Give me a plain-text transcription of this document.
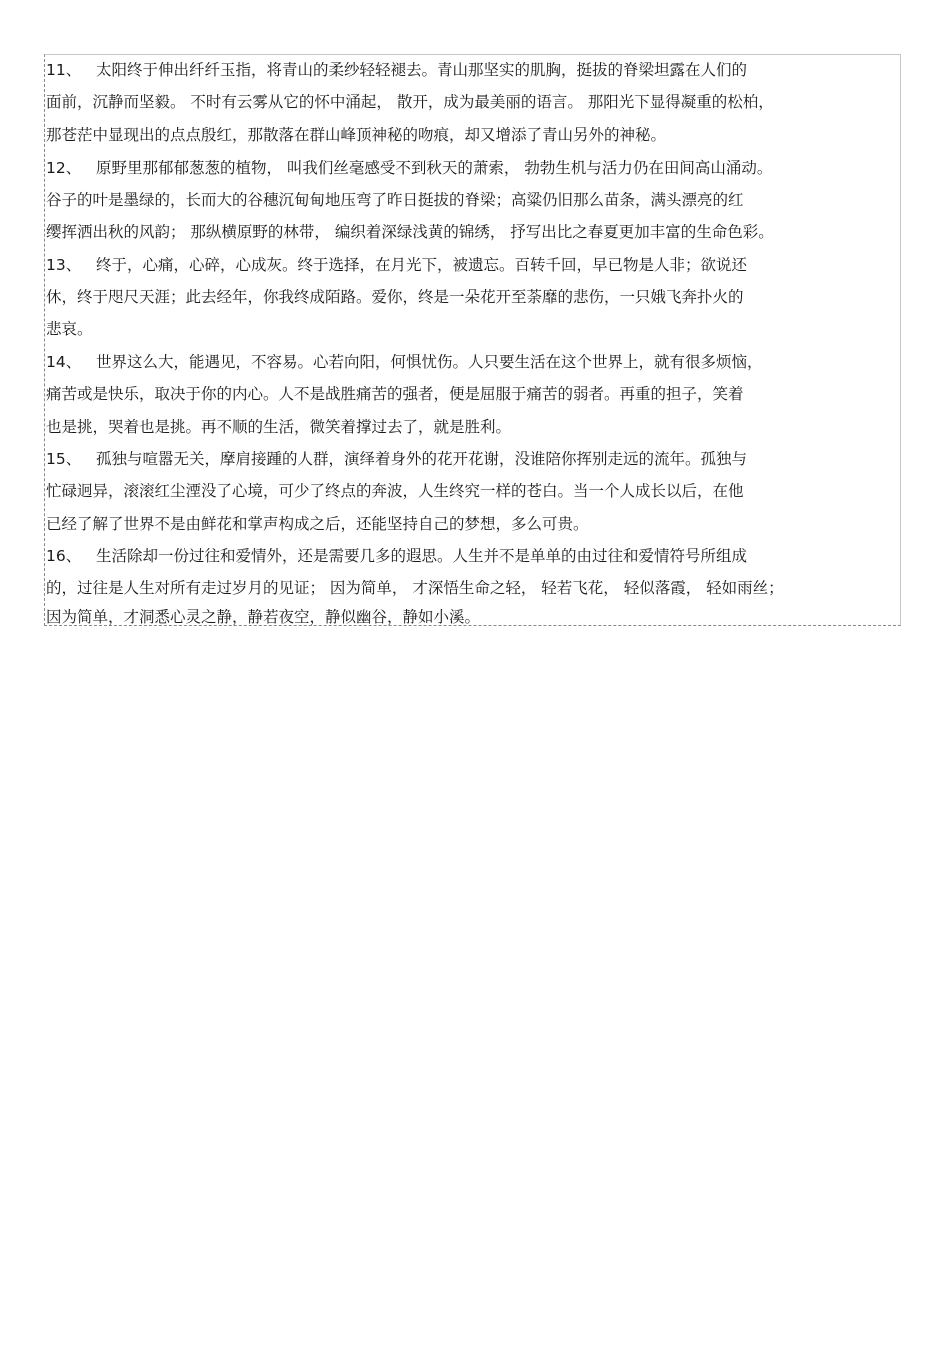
11、 太阳终于伸出纤纤玉指，将青山的柔纱轻轻褪去。青山那坚实的肌胸，挺拔的脊梁坦露在人们的
面前，沉静而坚毅。 不时有云雾从它的怀中涌起， 散开，成为最美丽的语言。 那阳光下显得凝重的松柏，
那苍茫中显现出的点点殷红，那散落在群山峰顶神秘的吻痕，却又增添了青山另外的神秘。
12、 原野里那郁郁葱葱的植物， 叫我们丝毫感受不到秋天的萧索， 勃勃生机与活力仍在田间高山涌动。
谷子的叶是墨绿的，长而大的谷穗沉甸甸地压弯了昨日挺拔的脊梁；高粱仍旧那么苗条，满头漂亮的红
缨挥洒出秋的风韵； 那纵横原野的林带， 编织着深绿浅黄的锦绣， 抒写出比之春夏更加丰富的生命色彩。
13、 终于，心痛，心碎，心成灰。终于选择，在月光下，被遗忘。百转千回，早已物是人非；欲说还
休，终于咫尺天涯；此去经年，你我终成陌路。爱你，终是一朵花开至荼靡的悲伤，一只娥飞奔扑火的
悲哀。
14、 世界这么大，能遇见，不容易。心若向阳，何惧忧伤。人只要生活在这个世界上，就有很多烦恼，
痛苦或是快乐，取决于你的内心。人不是战胜痛苦的强者，便是屈服于痛苦的弱者。再重的担子，笑着
也是挑，哭着也是挑。再不顺的生活，微笑着撑过去了，就是胜利。
15、 孤独与喧嚣无关，摩肩接踵的人群，演绎着身外的花开花谢，没谁陪你挥别走远的流年。孤独与
忙碌迥异，滚滚红尘湮没了心境，可少了终点的奔波，人生终究一样的苍白。当一个人成长以后，在他
已经了解了世界不是由鲜花和掌声构成之后，还能坚持自己的梦想，多么可贵。
16、 生活除却一份过往和爱情外，还是需要几多的遐思。人生并不是单单的由过往和爱情符号所组成
的，过往是人生对所有走过岁月的见证； 因为简单， 才深悟生命之轻， 轻若飞花， 轻似落霞， 轻如雨丝；
因为简单，才洞悉心灵之静，静若夜空，静似幽谷，静如小溪。
